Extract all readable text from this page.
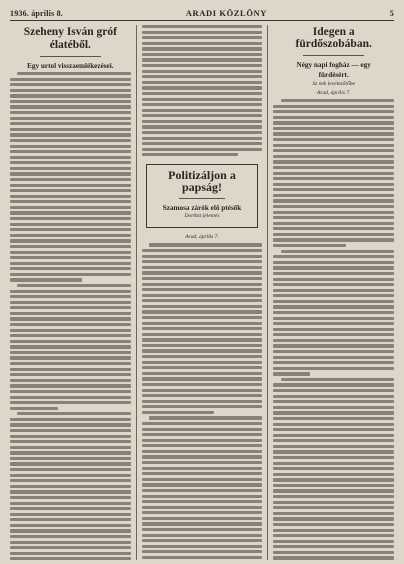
1936. április 8.	ARADI KÖZLÖNY	5
Szeheny Isván gróf
élatéből.
Egy urtol visszaemlékezései.
Politizáljon a papság!
Szamosa zárók elő ptésők
Dortbzt jelentés
Arad, április 7.
Idegen a fürdőszobában.
Négy napi fogház — egy
fürdésért.
Sz nek levelezőtőbe
Arad, április 7.
